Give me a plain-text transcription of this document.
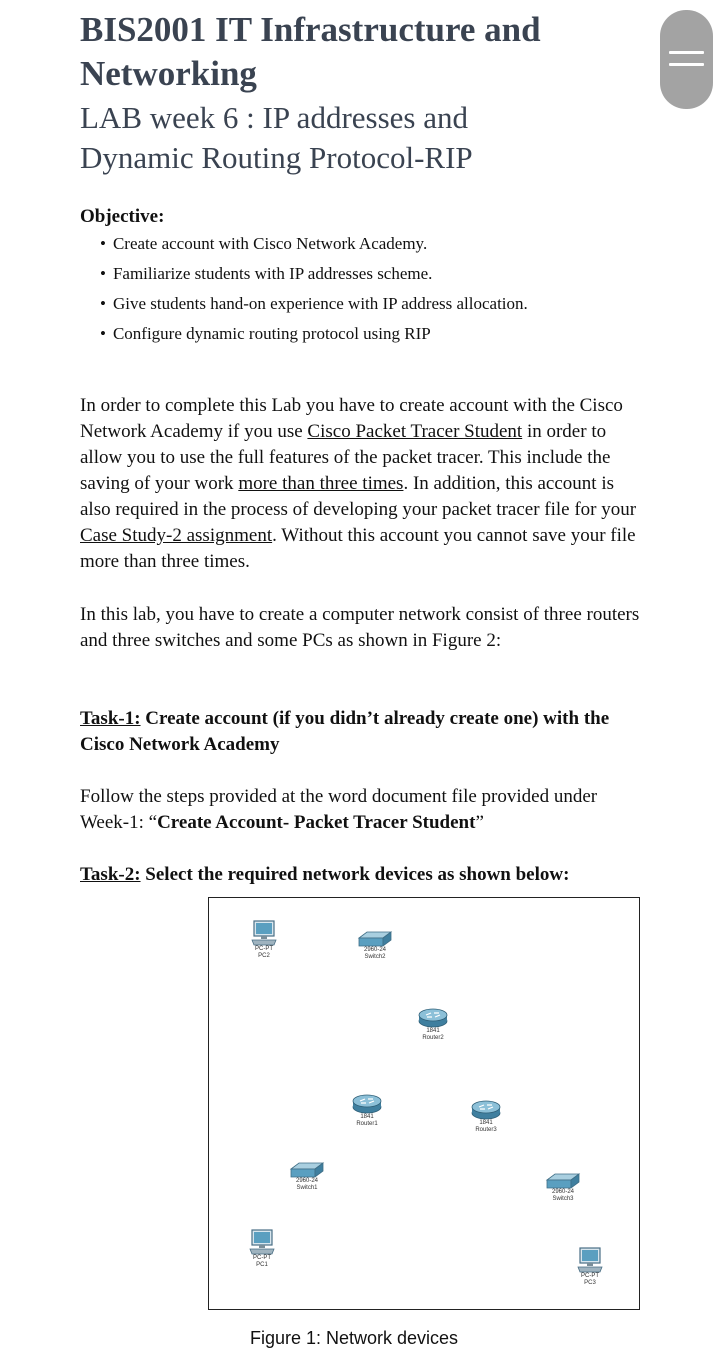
BIS2001 IT Infrastructure and
Networking
LAB week 6 : IP addresses and
Dynamic Routing Protocol-RIP

Objective:

• Create account with Cisco Network Academy.
• Familiarize students with IP addresses scheme.
• Give students hand-on experience with IP address allocation.
• Configure dynamic routing protocol using RIP

In order to complete this Lab you have to create account with the Cisco Network Academy if you use Cisco Packet Tracer Student in order to allow you to use the full features of the packet tracer. This include the saving of your work more than three times. In addition, this account is also required in the process of developing your packet tracer file for your Case Study-2 assignment. Without this account you cannot save your file more than three times.

In this lab, you have to create a computer network consist of three routers and three switches and some PCs as shown in Figure 2:

Task-1: Create account (if you didn’t already create one) with the Cisco Network Academy

Follow the steps provided at the word document file provided under Week-1: “Create Account- Packet Tracer Student”

Task-2: Select the required network devices as shown below:

PC-PT
PC2
2960-24
Switch2
1841
Router2
1841
Router1	1841
Router3
2960-24
Switch1
2960-24
Switch3
PC-PT
PC1
PC-PT
PC3
Figure 1: Network devices
